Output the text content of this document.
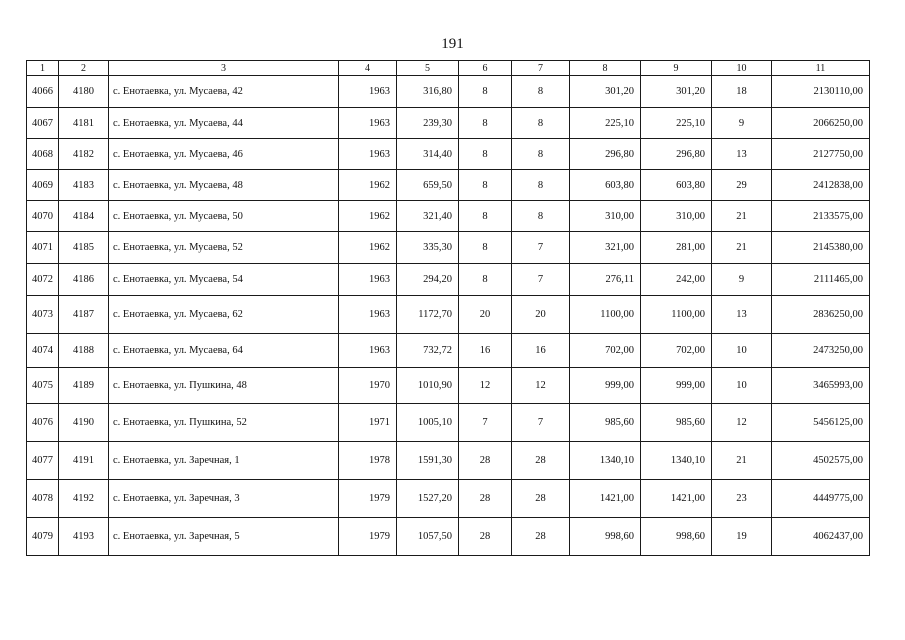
191
1	2	3	4	5	6	7	8	9	10	11
4066	4180	с. Енотаевка, ул. Мусаева, 42	1963	316,80	8	8	301,20	301,20	18	2130110,00
4067	4181	с. Енотаевка, ул. Мусаева, 44	1963	239,30	8	8	225,10	225,10	9	2066250,00
4068	4182	с. Енотаевка, ул. Мусаева, 46	1963	314,40	8	8	296,80	296,80	13	2127750,00
4069	4183	с. Енотаевка, ул. Мусаева, 48	1962	659,50	8	8	603,80	603,80	29	2412838,00
4070	4184	с. Енотаевка, ул. Мусаева, 50	1962	321,40	8	8	310,00	310,00	21	2133575,00
4071	4185	с. Енотаевка, ул. Мусаева, 52	1962	335,30	8	7	321,00	281,00	21	2145380,00
4072	4186	с. Енотаевка, ул. Мусаева, 54	1963	294,20	8	7	276,11	242,00	9	2111465,00
4073	4187	с. Енотаевка, ул. Мусаева, 62	1963	1172,70	20	20	1100,00	1100,00	13	2836250,00
4074	4188	с. Енотаевка, ул. Мусаева, 64	1963	732,72	16	16	702,00	702,00	10	2473250,00
4075	4189	с. Енотаевка, ул. Пушкина, 48	1970	1010,90	12	12	999,00	999,00	10	3465993,00
4076	4190	с. Енотаевка, ул. Пушкина, 52	1971	1005,10	7	7	985,60	985,60	12	5456125,00
4077	4191	с. Енотаевка, ул. Заречная, 1	1978	1591,30	28	28	1340,10	1340,10	21	4502575,00
4078	4192	с. Енотаевка, ул. Заречная, 3	1979	1527,20	28	28	1421,00	1421,00	23	4449775,00
4079	4193	с. Енотаевка, ул. Заречная, 5	1979	1057,50	28	28	998,60	998,60	19	4062437,00
